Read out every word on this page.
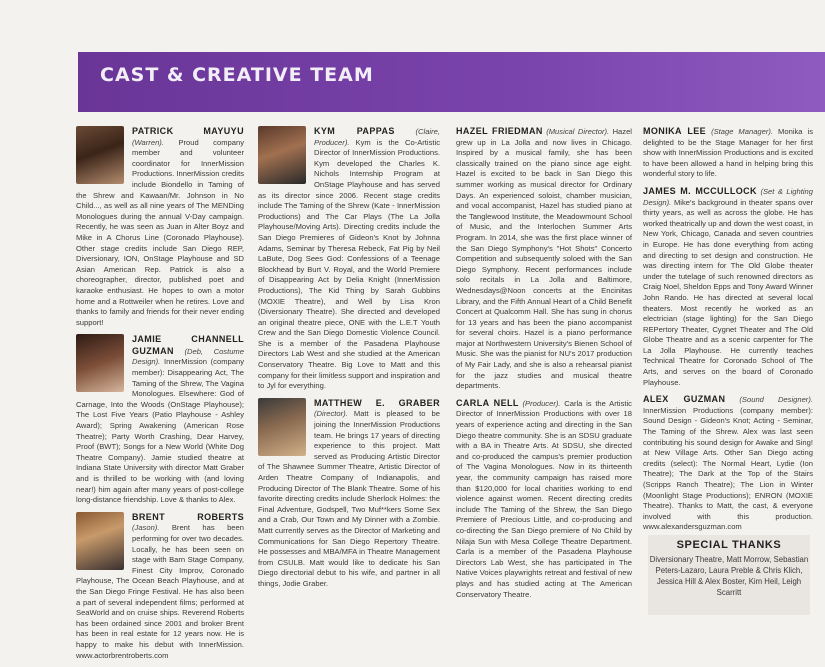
CAST & CREATIVE TEAM
PATRICK MAYUYU (Warren). Proud company member and volunteer coordinator for InnerMission Productions. InnerMission credits include Biondello in Taming of the Shrew and Kawaan/Mr. Johnson in No Child..., as well as all nine years of The MENDing Monologues during the annual V-Day campaign. Recently, he was seen as Juan in Alter Boyz and Mike in A Chorus Line (Coronado Playhouse). Other stage credits include San Diego REP, Diversionary, ION, OnStage Playhouse and SD Asian American Rep. Patrick is also a choreographer, director, published poet and karaoke enthusiast. He hopes to own a motor home and a Rottweiler when he retires. Love and thanks to family and friends for their never ending support!
JAMIE CHANNELL GUZMAN (Deb, Costume Design). InnerMission (company member): Disappearing Act, The Taming of the Shrew, The Vagina Monologues. Elsewhere: God of Carnage, Into the Woods (OnStage Playhouse); The Lost Five Years (Patio Playhouse - Ashley Award); Spring Awakening (American Rose Theatre); Party Worth Crashing, Dear Harvey, Proof (BWT); Songs for a New World (White Dog Theatre Company). Jamie studied theatre at Indiana State University with director Matt Graber and is thrilled to be working with (and loving near!) him again after many years of post-college long-distance friendship. Love & thanks to Alex.
BRENT ROBERTS (Jason). Brent has been performing for over two decades. Locally, he has been seen on stage with Barn Stage Company, Finest City Improv, Coronado Playhouse, The Ocean Beach Playhouse, and at the San Diego Fringe Festival. He has also been a part of several independent films; performed at SeaWorld and on cruise ships. Reverend Roberts has been ordained since 2001 and broker Brent has been in real estate for 12 years now. He is happy to make his debut with InnerMission. www.actorbrentroberts.com
KYM PAPPAS	(Claire, Producer). Kym is the Co-Artistic Director of InnerMission Productions. Kym developed the Charles K. Nichols Internship Program at OnStage Playhouse and has served as its director since 2006. Recent stage credits include The Taming of the Shrew (Kate - InnerMission Productions) and The Car Plays (The La Jolla Playhouse/Moving Arts). Directing credits include the San Diego Premieres of Gideon's Knot by Johnna Adams, Seminar by Theresa Rebeck, Fat Pig by Neil LaBute, Dog Sees God: Confessions of a Teenage Blockhead by Burt V. Royal, and the World Premiere of Disappearing Act by Delia Knight (InnerMission Productions), The Kid Thing by Sarah Gubbins (MOXIE Theatre), and Well by Lisa Kron (Diversionary Theatre). She directed and developed an original theatre piece, ONE with the L.E.T Youth Crew and the San Diego Domestic Violence Council. She is a member of the Pasadena Playhouse Directors Lab West and she studied at the American Conservatory Theatre. Big Love to Matt and this company for their limitless support and inspiration and to Jyl for everything.
MATTHEW E. GRABER (Director). Matt is pleased to be joining the InnerMission Productions team. He brings 17 years of directing experience to this project. Matt served as Producing Artistic Director of The Shawnee Summer Theatre, Artistic Director of Arden Theatre Company of Indianapolis, and Producing Director of The Blank Theatre. Some of his favorite directing credits include Sherlock Holmes: the Final Adventure, Godspell, Two Muf**kers Some Sex and a Crab, Our Town and My Dinner with a Zombie. Matt currently serves as the Director of Marketing and Communications for San Diego Repertory Theatre. He possesses and MBA/MFA in Theatre Management from CSULB. Matt would like to dedicate his San Diego directorial debut to his wife, and partner in all things, Jodie Graber.
HAZEL FRIEDMAN (Musical Director). Hazel grew up in La Jolla and now lives in Chicago. Inspired by a musical family, she has been classically trained on the piano since age eight. Hazel is excited to be back in San Diego this summer working as musical director for Ordinary Days. An experienced soloist, chamber musician, and vocal accompanist, Hazel has studied piano at the Tanglewood Institute, the Meadowmount School of Music, and the Interlochen Summer Arts Program. In 2014, she was the first place winner of the San Diego Symphony's "Hot Shots" Concerto Competition and subsequently soloed with the San Diego Symphony. Recent performances include solo recitals in La Jolla and Baltimore, Wednesdays@Noon concerts at the Encinitas Library, and the Fifth Annual Heart of a Child Benefit Concert at Qualcomm Hall. She has sung in chorus for 13 years and has been the piano accompanist for several choirs. Hazel is a piano performance major at Northwestern University's Bienen School of Music. She was the pianist for NU's 2017 production of My Fair Lady, and she is also a rehearsal pianist for the jazz studies and musical theatre departments.
CARLA NELL (Producer). Carla is the Artistic Director of InnerMission Productions with over 18 years of experience acting and directing in the San Diego theatre community. She is an SDSU graduate with a BA in Theatre Arts. At SDSU, she directed and co-produced the campus's premier production of The Vagina Monologues. Now in its thirteenth year, the community campaign has raised more than $120,000 for local charities working to end violence against women. Recent directing credits include The Taming of the Shrew, the San Diego Premiere of Precious Little, and co-producing and co-directing the San Diego premiere of No Child by Nilaja Sun with Mesa College Theatre Department. Carla is a member of the Pasadena Playhouse Directors Lab West, she has participated in The Native Voices playwrights retreat and festival of new plays and has studied acting at The American Conservatory Theatre.
MONIKA LEE (Stage Manager). Monika is delighted to be the Stage Manager for her first show with InnerMission Productions and is excited to have been allowed a hand in helping bring this wonderful story to life.
JAMES M. MCCULLOCK (Set & Lighting Design). Mike's background in theater spans over thirty years, as well as across the globe. He has worked theatrically up and down the west coast, in New York, Chicago, Canada and seven countries in Europe. He has done everything from acting and directing to set design and construction. He was directing intern for The Old Globe theater under the tutelage of such renowned directors as Craig Noel, Sheldon Epps and Tony Award Winner John Rando. He has directed at several local theaters. Most recently he worked as an electrician (stage lighting) for the San Diego REPertory Theater, Cygnet Theater and The Old Globe Theatre and as a scenic carpenter for The La Jolla Playhouse. He currently teaches Technical Theatre for Coronado School of The Arts, and serves on the board of Coronado Playhouse.
ALEX GUZMAN (Sound Designer). InnerMission Productions (company member): Sound Design - Gideon's Knot; Acting - Seminar, The Taming of the Shrew. Alex was last seen contributing his sound design for Awake and Sing! at New Village Arts. Other San Diego acting credits (select): The Normal Heart, Lydie (Ion Theatre); The Dark at the Top of the Stairs (Scripps Ranch Theatre); The Lion in Winter (Moonlight Stage Productions); ENRON (MOXIE Theatre). Thanks to Matt, the cast, & everyone involved with this production. www.alexandersguzman.com
SPECIAL THANKS
Diversionary Theatre, Matt Morrow, Sebastian Peters-Lazaro, Laura Preble & Chris Klich, Jessica Hill & Alex Boster, Kim Heil, Leigh Scarritt
